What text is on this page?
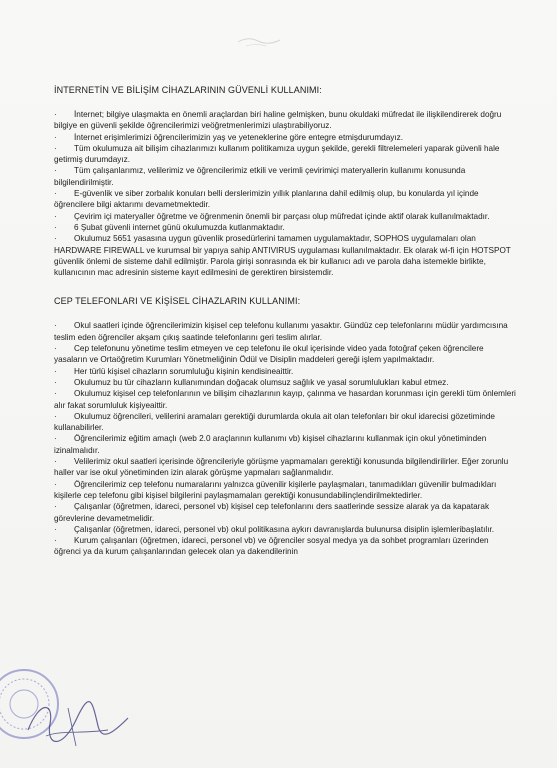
İNTERNETİN VE BİLİŞİM CİHAZLARININ GÜVENLİ KULLANIMI:
· İnternet; bilgiye ulaşmakta en önemli araçlardan biri haline gelmişken, bunu okuldaki müfredat ile ilişkilendirerek doğru bilgiye en güvenli şekilde öğrencilerimizi veöğretmenlerimizi ulaştırabiliyoruz.
· İnternet erişimlerimizi öğrencilerimizin yaş ve yeteneklerine göre entegre etmişdurumdayız.
· Tüm okulumuza ait bilişim cihazlarımızı kullanım politikamıza uygun şekilde, gerekli filtrelemeleri yaparak güvenli hale getirmiş durumdayız.
· Tüm çalışanlarımız, velilerimiz ve öğrencilerimiz etkili ve verimli çevirimiçi materyallerin kullanımı konusunda bilgilendirilmiştir.
· E-güvenlik ve siber zorbalık konuları belli derslerimizin yıllık planlarına dahil edilmiş olup, bu konularda yıl içinde öğrencilere bilgi aktarımı devametmektedir.
· Çevirim içi materyaller öğretme ve öğrenmenin önemli bir parçası olup müfredat içinde aktif olarak kullanılmaktadır.
· 6 Şubat güvenli internet günü okulumuzda kutlanmaktadır.
· Okulumuz 5651 yasasına uygun güvenlik prosedürlerini tamamen uygulamaktadır, SOPHOS uygulamaları olan HARDWARE FIREWALL ve kurumsal bir yapıya sahip ANTIVIRUS uygulaması kullanılmaktadır. Ek olarak wi-fi için HOTSPOT güvenlik önlemi de sisteme dahil edilmiştir. Parola girişi sonrasında ek bir kullanıcı adı ve parola daha istemekle birlikte, kullanıcının mac adresinin sisteme kayıt edilmesini de gerektiren birsistemdir.
CEP TELEFONLARI VE KİŞİSEL CİHAZLARIN KULLANIMI:
· Okul saatleri içinde öğrencilerimizin kişisel cep telefonu kullanımı yasaktır. Gündüz cep telefonlarını müdür yardımcısına teslim eden öğrenciler akşam çıkış saatinde telefonlarını geri teslim alırlar.
· Cep telefonunu yönetime teslim etmeyen ve cep telefonu ile okul içerisinde video yada fotoğraf çeken öğrencilere yasaların ve Ortaöğretim Kurumları Yönetmeliğinin Ödül ve Disiplin maddeleri gereği işlem yapılmaktadır.
· Her türlü kişisel cihazların sorumluluğu kişinin kendisineaittir.
· Okulumuz bu tür cihazların kullanımından doğacak olumsuz sağlık ve yasal sorumlulukları kabul etmez.
· Okulumuz kişisel cep telefonlarının ve bilişim cihazlarının kayıp, çalınma ve hasardan korunması için gerekli tüm önlemleri alır fakat sorumluluk kişiyeaittir.
· Okulumuz öğrencileri, velilerini aramaları gerektiği durumlarda okula ait olan telefonları bir okul idarecisi gözetiminde kullanabilirler.
· Öğrencilerimiz eğitim amaçlı (web 2.0 araçlarının kullanımı vb) kişisel cihazlarını kullanmak için okul yönetiminden izinalmalıdır.
· Velilerimiz okul saatleri içerisinde öğrencileriyle görüşme yapmamaları gerektiği konusunda bilgilendirilirler. Eğer zorunlu haller var ise okul yönetiminden izin alarak görüşme yapmaları sağlanmalıdır.
· Öğrencilerimiz cep telefonu numaralarını yalnızca güvenilir kişilerle paylaşmaları, tanımadıkları güvenilir bulmadıkları kişilerle cep telefonu gibi kişisel bilgilerini paylaşmamaları gerektiği konusundabilinçlendirilmektedirler.
· Çalışanlar (öğretmen, idareci, personel vb) kişisel cep telefonlarını ders saatlerinde sessize alarak ya da kapatarak görevlerine devametmelidir.
· Çalışanlar (öğretmen, idareci, personel vb) okul politikasına aykırı davranışlarda bulunursa disiplin işlemleribaşlatılır.
· Kurum çalışanları (öğretmen, idareci, personel vb) ve öğrenciler sosyal medya ya da sohbet programları üzerinden öğrenci ya da kurum çalışanlarından gelecek olan ya dakendilerinin
